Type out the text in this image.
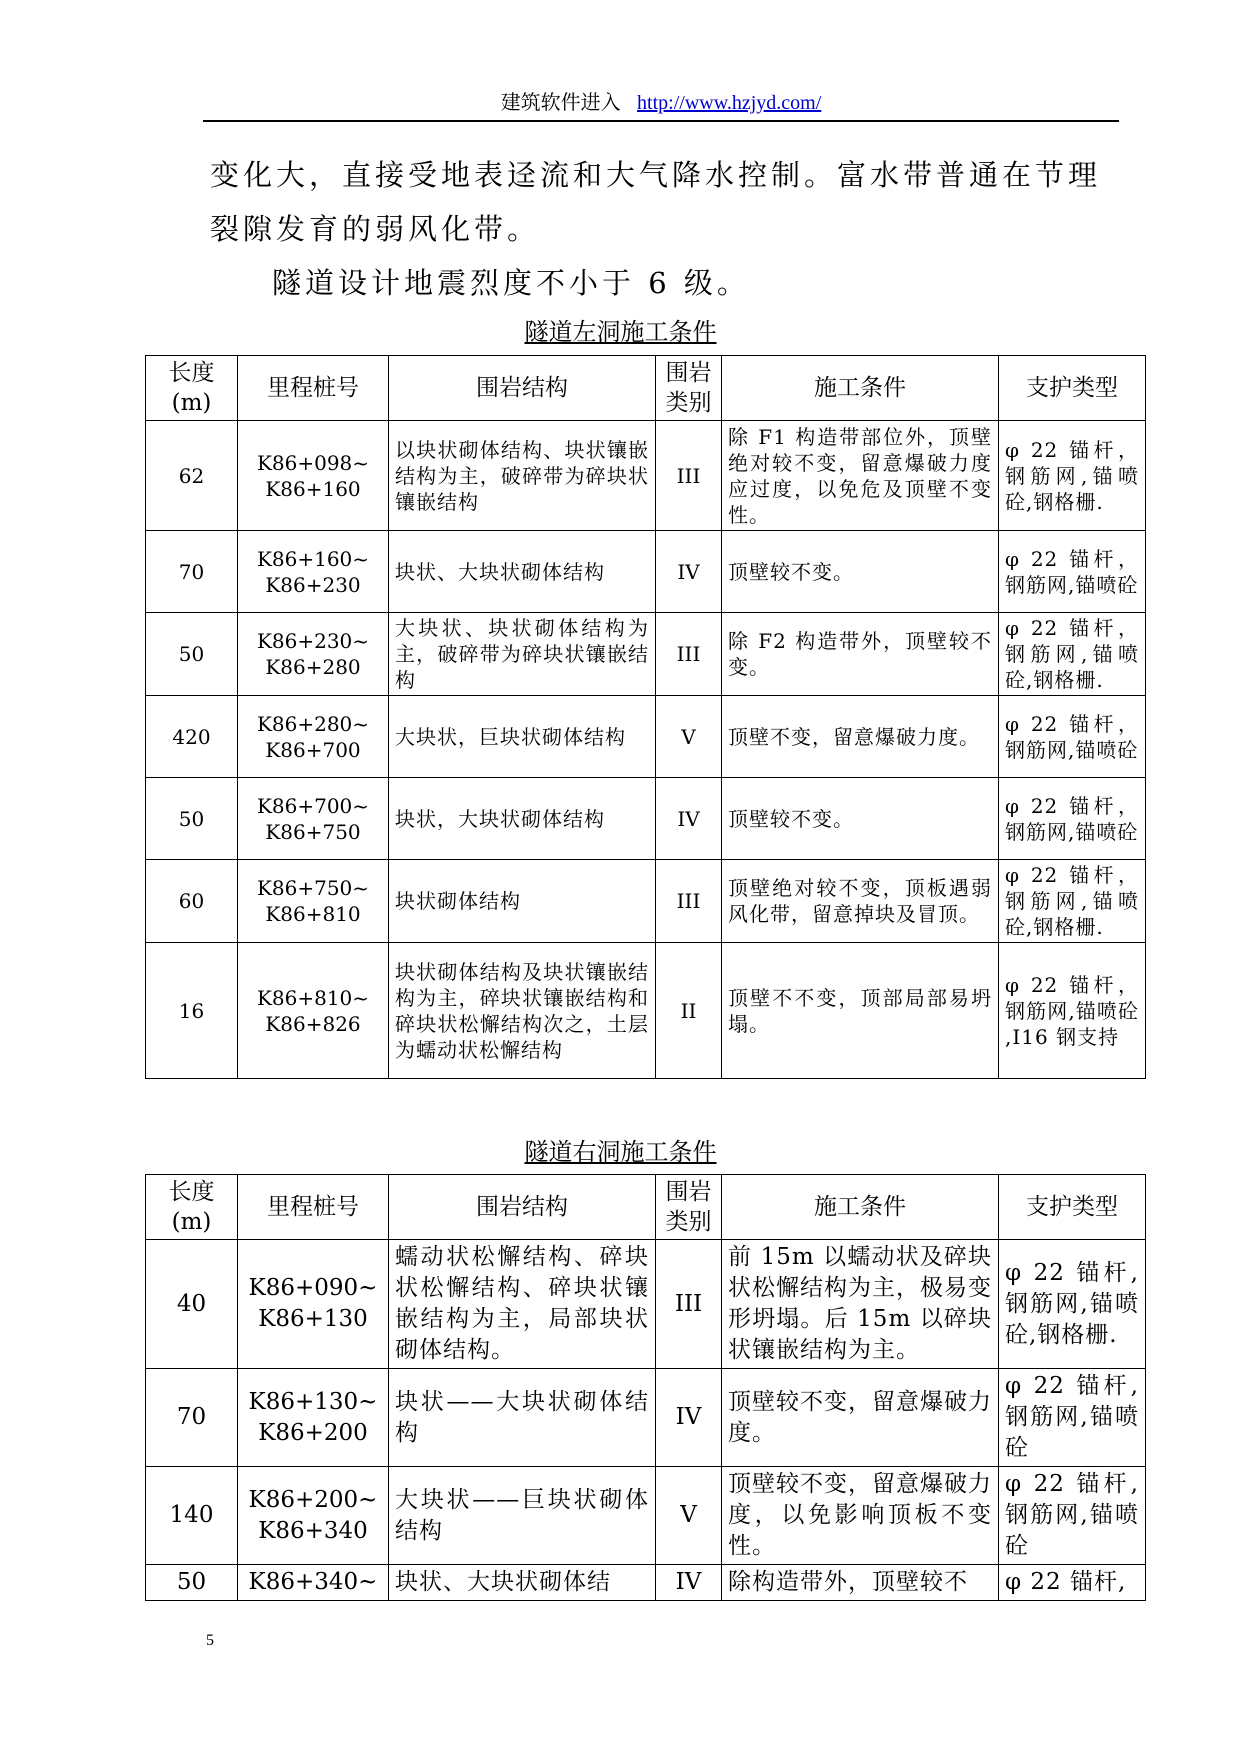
建筑软件进入 http://www.hzjyd.com/

变化大，直接受地表迳流和大气降水控制。富水带普通在节理裂隙发育的弱风化带。

隧道设计地震烈度不小于 6 级。

隧道左洞施工条件
长度(m)	里程桩号	围岩结构	围岩类别	施工条件	支护类型
62	K86+098~ K86+160	以块状砌体结构、块状镶嵌结构为主，破碎带为碎块状镶嵌结构	III	除 F1 构造带部位外，顶壁绝对较不变，留意爆破力度应过度，以免危及顶壁不变性。	φ 22 锚杆，钢筋网,锚喷砼,钢格栅.
70	K86+160~ K86+230	块状、大块状砌体结构	IV	顶壁较不变。	φ 22 锚杆，钢筋网,锚喷砼
50	K86+230~ K86+280	大块状、块状砌体结构为主，破碎带为碎块状镶嵌结构	III	除 F2 构造带外，顶壁较不变。	φ 22 锚杆，钢筋网,锚喷砼,钢格栅.
420	K86+280~ K86+700	大块状，巨块状砌体结构	V	顶壁不变，留意爆破力度。	φ 22 锚杆，钢筋网,锚喷砼
50	K86+700~ K86+750	块状，大块状砌体结构	IV	顶壁较不变。	φ 22 锚杆，钢筋网,锚喷砼
60	K86+750~ K86+810	块状砌体结构	III	顶壁绝对较不变，顶板遇弱风化带，留意掉块及冒顶。	φ 22 锚杆，钢筋网,锚喷砼,钢格栅.
16	K86+810~ K86+826	块状砌体结构及块状镶嵌结构为主，碎块状镶嵌结构和碎块状松懈结构次之，土层为蠕动状松懈结构	II	顶壁不不变，顶部局部易坍塌。	φ 22 锚杆，钢筋网,锚喷砼 ,I16 钢支持
隧道右洞施工条件
长度(m)	里程桩号	围岩结构	围岩类别	施工条件	支护类型
40	K86+090~ K86+130	蠕动状松懈结构、碎块状松懈结构、碎块状镶嵌结构为主，局部块状砌体结构。	III	前 15m 以蠕动状及碎块状松懈结构为主，极易变形坍塌。后 15m 以碎块状镶嵌结构为主。	φ 22 锚杆,钢筋网,锚喷砼,钢格栅.
70	K86+130~ K86+200	块状——大块状砌体结构	IV	顶壁较不变，留意爆破力度。	φ 22 锚杆,钢筋网,锚喷砼
140	K86+200~ K86+340	大块状——巨块状砌体结构	V	顶壁较不变，留意爆破力度，以免影响顶板不变性。	φ 22 锚杆,钢筋网,锚喷砼
50	K86+340~	块状、大块状砌体结	IV	除构造带外，顶壁较不	φ 22 锚杆,
5
